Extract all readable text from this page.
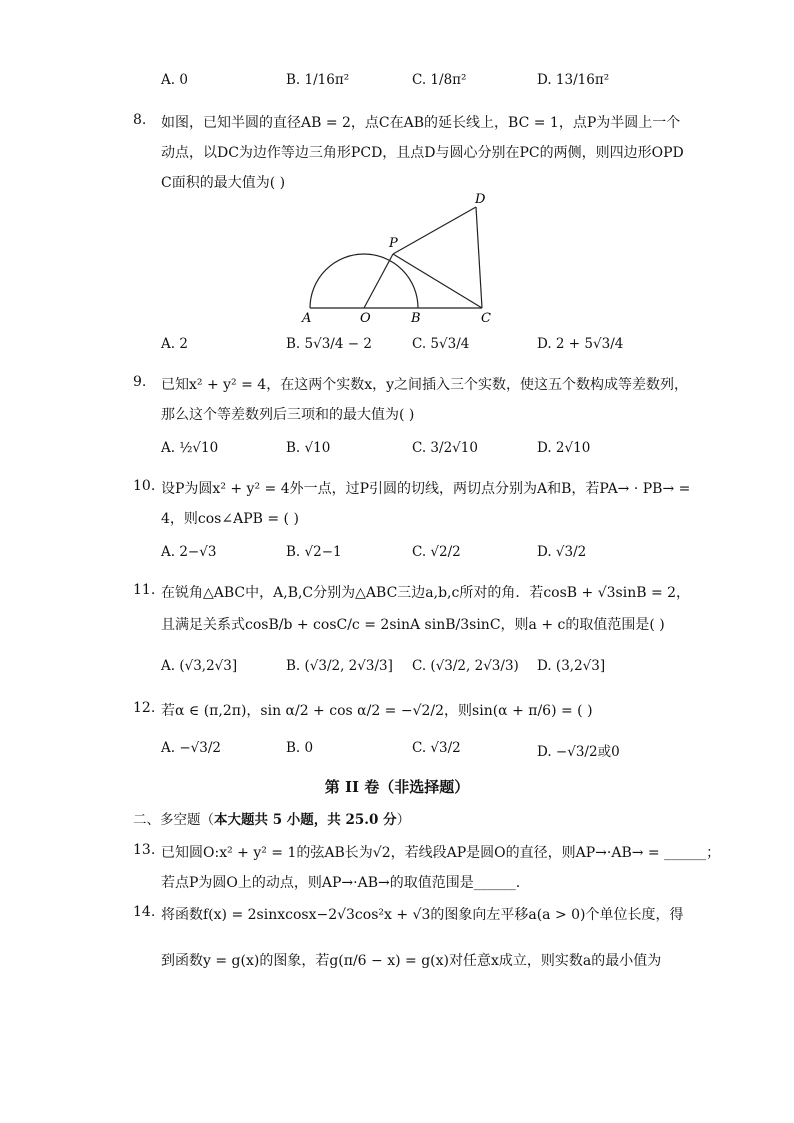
A. 0	B. 1/16π²	C. 1/8π²	D. 13/16π²
8. 如图，已知半圆的直径AB = 2，点C在AB的延长线上，BC = 1，点P为半圆上一个
动点，以DC为边作等边三角形PCD，且点D与圆心分别在PC的两侧，则四边形OPD
C面积的最大值为( )
A	O	B	C
P
D
A. 2	B. 5√3/4 − 2	C. 5√3/4	D. 2 + 5√3/4
9. 已知x² + y² = 4，在这两个实数x，y之间插入三个实数，使这五个数构成等差数列，
那么这个等差数列后三项和的最大值为( )
A. ½√10	B. √10	C. 3/2√10	D. 2√10
10. 设P为圆x² + y² = 4外一点，过P引圆的切线，两切点分别为A和B，若PA→ · PB→ =
4，则cos∠APB = ( )
A. 2−√3	B. √2−1	C. √2/2	D. √3/2
11. 在锐角△ABC中，A,B,C分别为△ABC三边a,b,c所对的角．若cosB + √3sinB = 2，
且满足关系式cosB/b + cosC/c = 2sinA sinB/3sinC，则a + c的取值范围是( )
A. (√3,2√3]	B. (√3/2, 2√3/3] C. (√3/2, 2√3/3) D. (3,2√3]
12. 若α ∈ (π,2π)，sin α/2 + cos α/2 = −√2/2，则sin(α + π/6) = ( )
A. −√3/2	B. 0	C. √3/2	D. −√3/2或0
第 II 卷（非选择题）
二、多空题（本大题共 5 小题，共 25.0 分）
13. 已知圆O:x² + y² = 1的弦AB长为√2，若线段AP是圆O的直径，则AP→·AB→ = ______；
若点P为圆O上的动点，则AP→·AB→的取值范围是______.
14. 将函数f(x) = 2sinxcosx−2√3cos²x + √3的图象向左平移a(a > 0)个单位长度，得
到函数y = g(x)的图象，若g(π/6 − x) = g(x)对任意x成立，则实数a的最小值为
